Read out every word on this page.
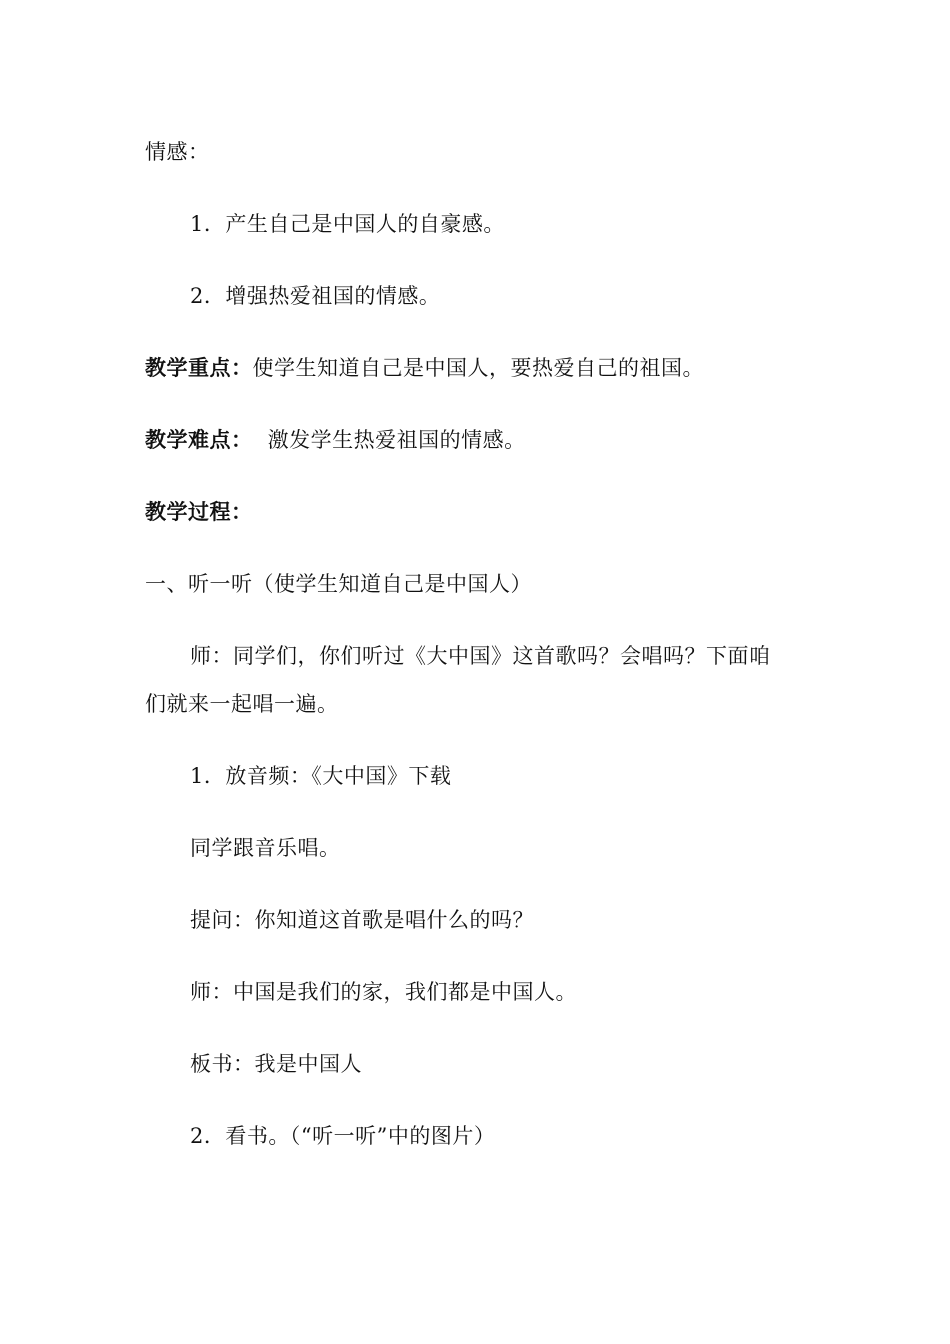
情感：
1．产生自己是中国人的自豪感。
2．增强热爱祖国的情感。
教学重点：使学生知道自己是中国人，要热爱自己的祖国。
教学难点： 激发学生热爱祖国的情感。
教学过程：
一、听一听（使学生知道自己是中国人）
师：同学们，你们听过《大中国》这首歌吗？会唱吗？下面咱
们就来一起唱一遍。
1．放音频：《大中国》下载
同学跟音乐唱。
提问：你知道这首歌是唱什么的吗？
师：中国是我们的家，我们都是中国人。
板书：我是中国人
2．看书。（“听一听”中的图片）
